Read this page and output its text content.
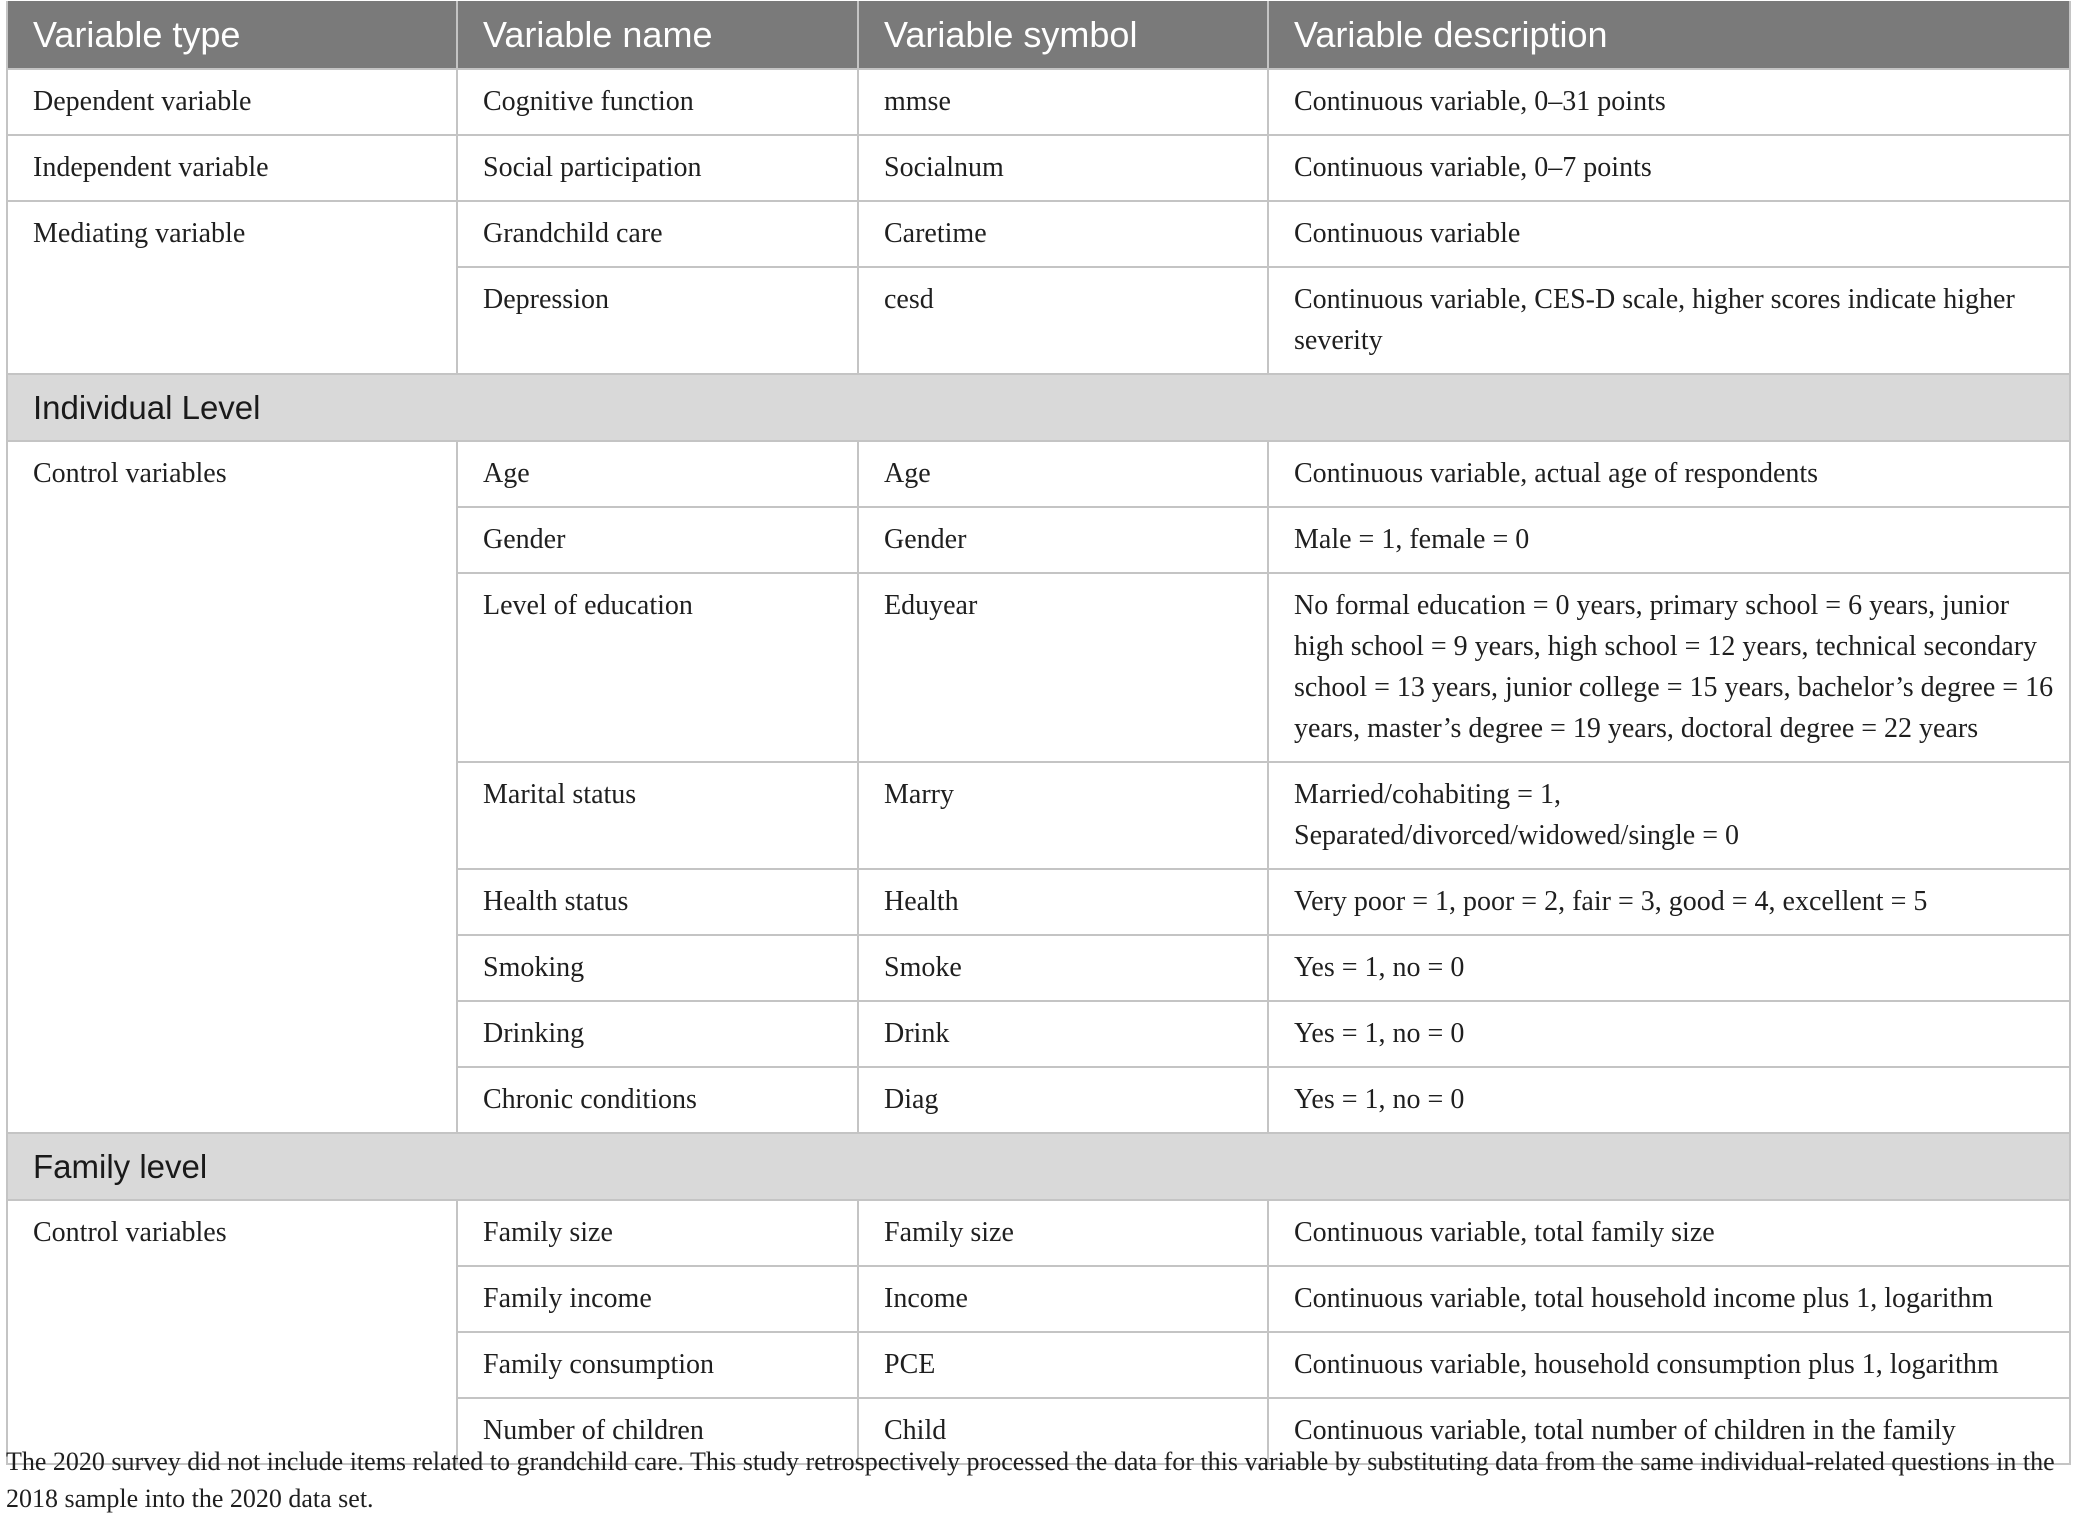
Variable type	Variable name	Variable symbol	Variable description
Dependent variable	Cognitive function	mmse	Continuous variable, 0–31 points
Independent variable	Social participation	Socialnum	Continuous variable, 0–7 points
Mediating variable	Grandchild care	Caretime	Continuous variable
	Depression	cesd	Continuous variable, CES-D scale, higher scores indicate higher severity
Individual Level			
Control variables	Age	Age	Continuous variable, actual age of respondents
	Gender	Gender	Male = 1, female = 0
	Level of education	Eduyear	No formal education = 0 years, primary school = 6 years, junior high school = 9 years, high school = 12 years, technical secondary school = 13 years, junior college = 15 years, bachelor’s degree = 16 years, master’s degree = 19 years, doctoral degree = 22 years
	Marital status	Marry	Married/cohabiting = 1,
Separated/divorced/widowed/single = 0
	Health status	Health	Very poor = 1, poor = 2, fair = 3, good = 4, excellent = 5
	Smoking	Smoke	Yes = 1, no = 0
	Drinking	Drink	Yes = 1, no = 0
	Chronic conditions	Diag	Yes = 1, no = 0
Family level			
Control variables	Family size	Family size	Continuous variable, total family size
	Family income	Income	Continuous variable, total household income plus 1, logarithm
	Family consumption	PCE	Continuous variable, household consumption plus 1, logarithm
	Number of children	Child	Continuous variable, total number of children in the family
The 2020 survey did not include items related to grandchild care. This study retrospectively processed the data for this variable by substituting data from the same individual-related questions in the 2018 sample into the 2020 data set.
